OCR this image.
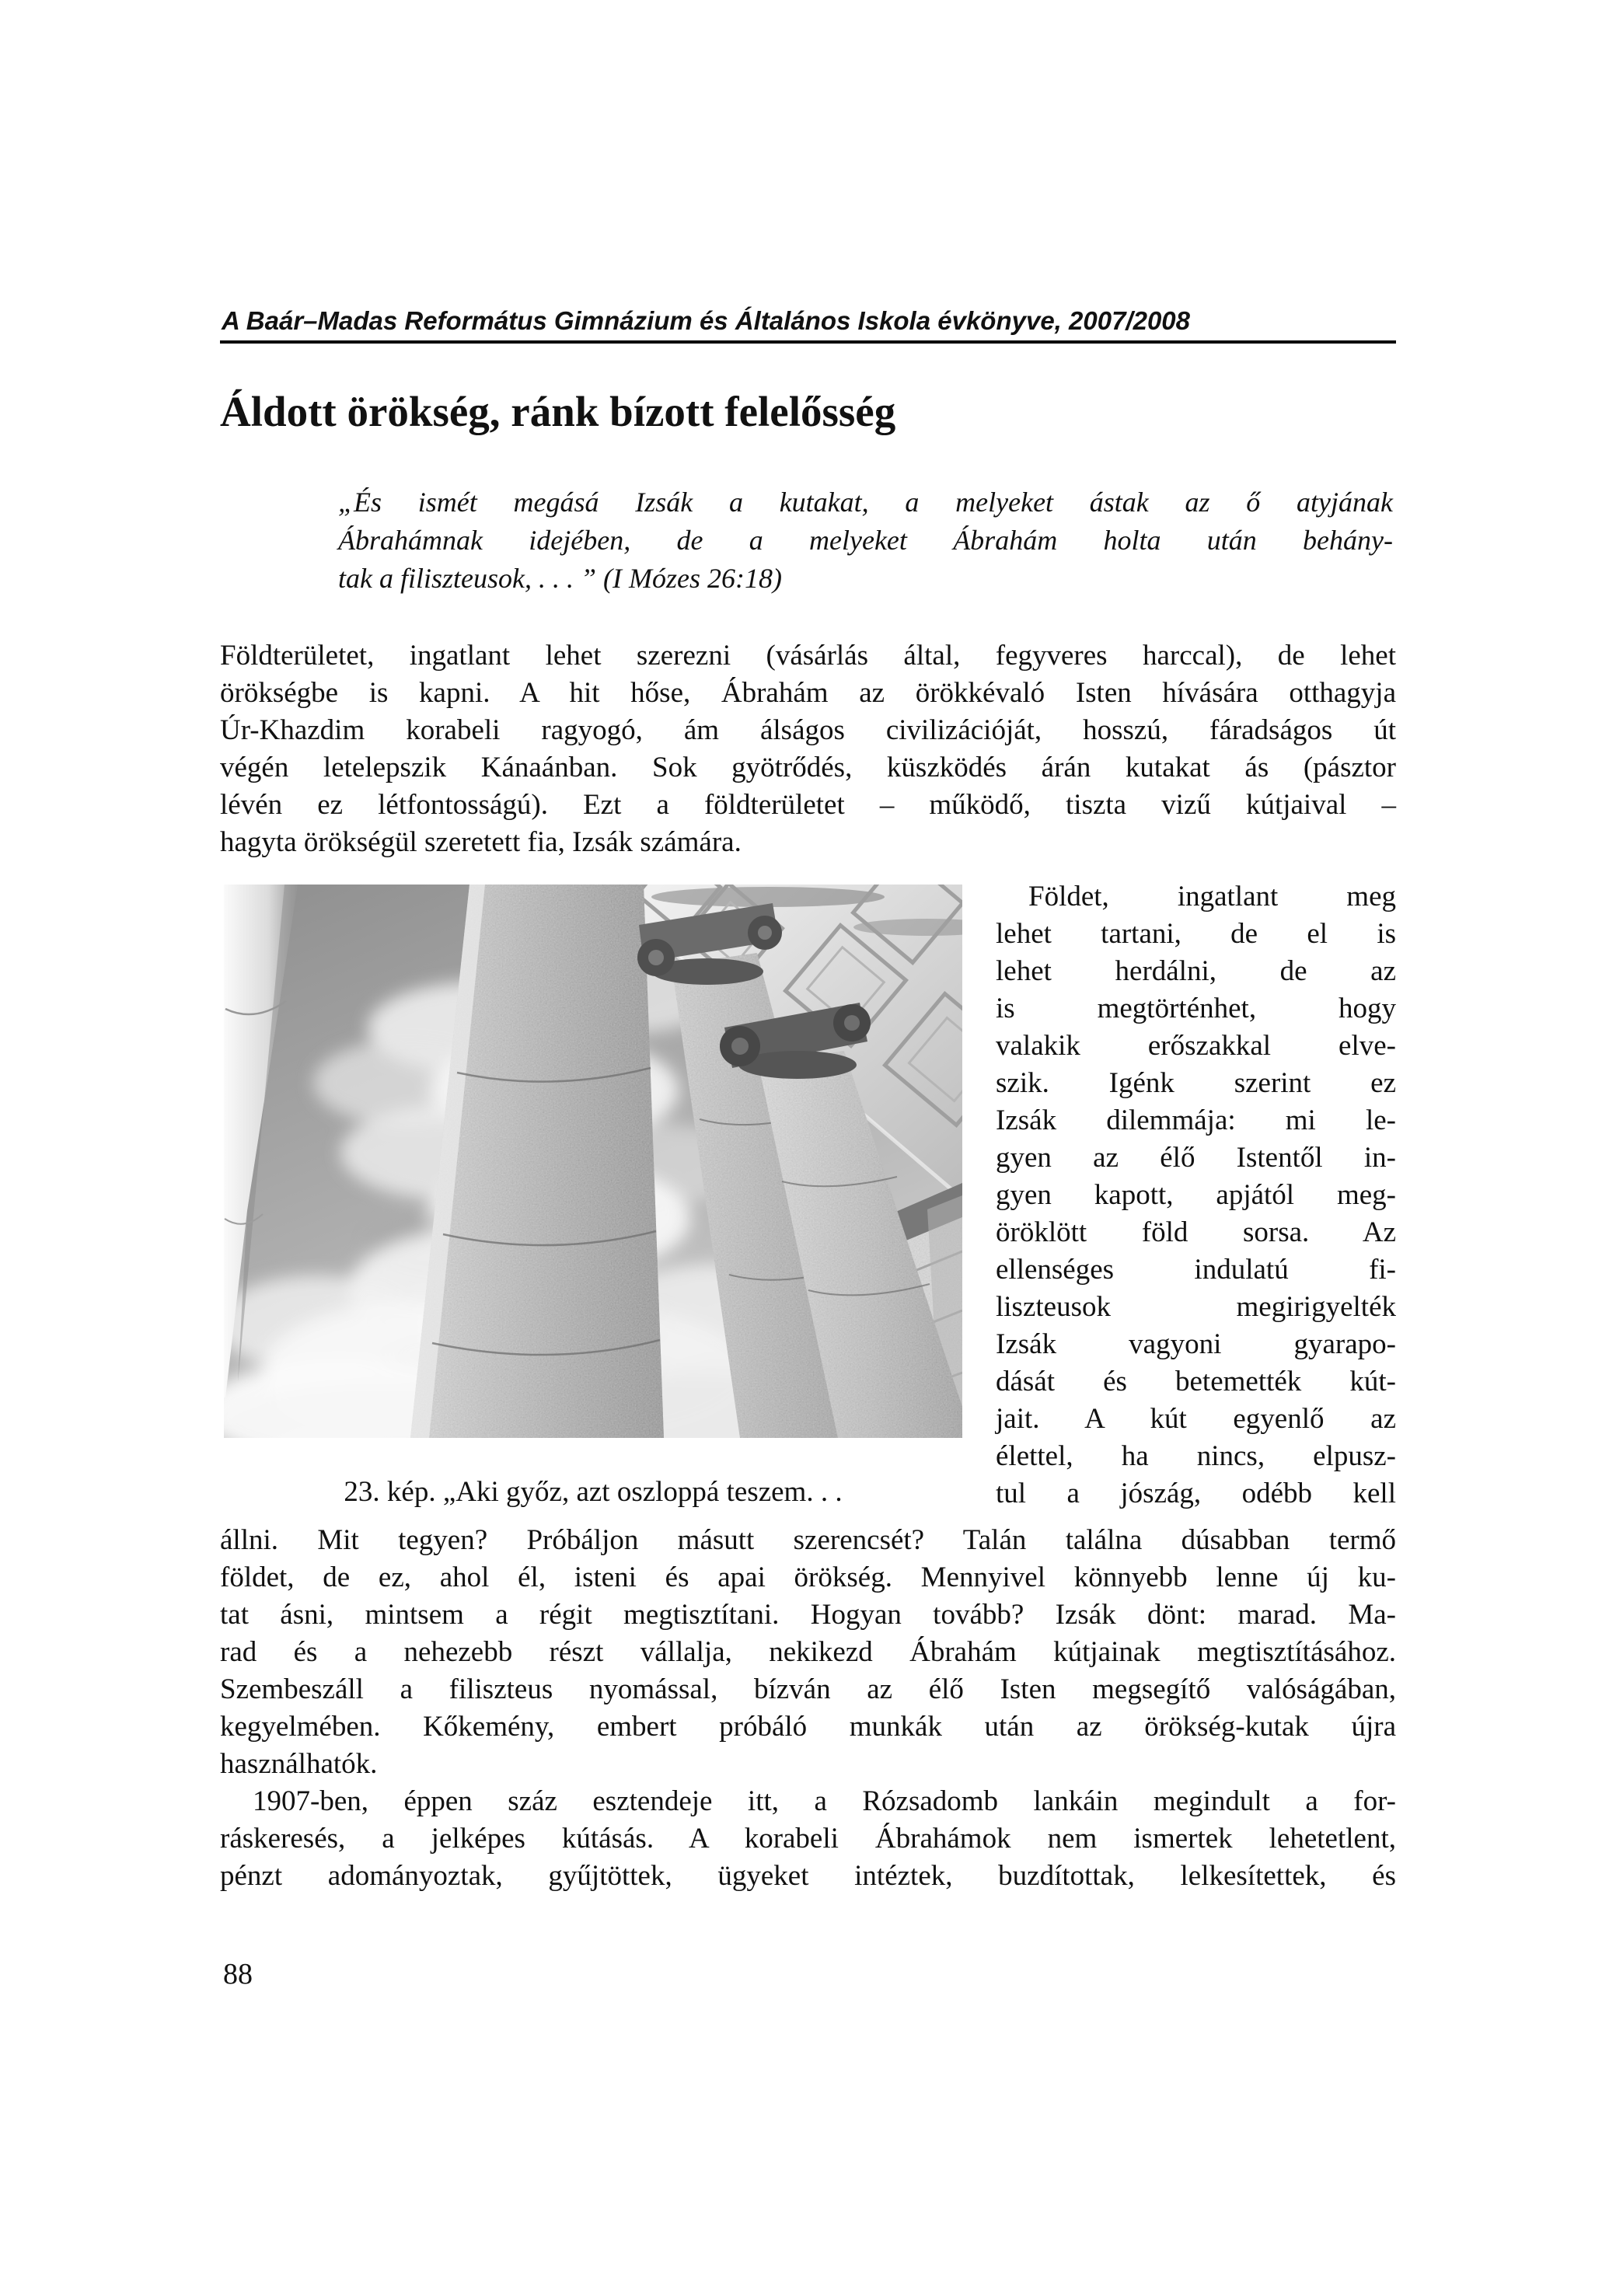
A Baár–Madas Református Gimnázium és Általános Iskola évkönyve, 2007/2008
Áldott örökség, ránk bízott felelősség
„És ismét megásá Izsák a kutakat, a melyeket ástak az ő atyjának
Ábrahámnak idejében, de a melyeket Ábrahám holta után behány-
tak a filiszteusok, . . . ” (I Mózes 26:18)
Földterületet, ingatlant lehet szerezni (vásárlás által, fegyveres harccal), de lehet
örökségbe is kapni. A hit hőse, Ábrahám az örökkévaló Isten hívására otthagyja
Úr-Khazdim korabeli ragyogó, ám álságos civilizációját, hosszú, fáradságos út
végén letelepszik Kánaánban. Sok gyötrődés, küszködés árán kutakat ás (pásztor
lévén ez létfontosságú). Ezt a földterületet – működő, tiszta vizű kútjaival –
hagyta örökségül szeretett fia, Izsák számára.
Földet, ingatlant meg
lehet tartani, de el is
lehet herdálni, de az
is megtörténhet, hogy
valakik erőszakkal elve-
szik. Igénk szerint ez
Izsák dilemmája: mi le-
gyen az élő Istentől in-
gyen kapott, apjától meg-
öröklött föld sorsa. Az
ellenséges indulatú fi-
liszteusok megirigyelték
Izsák vagyoni gyarapo-
dását és betemették kút-
jait. A kút egyenlő az
élettel, ha nincs, elpusz-
tul a jószág, odébb kell
23. kép. „Aki győz, azt oszloppá teszem. . .
állni. Mit tegyen? Próbáljon másutt szerencsét? Talán találna dúsabban termő
földet, de ez, ahol él, isteni és apai örökség. Mennyivel könnyebb lenne új ku-
tat ásni, mintsem a régit megtisztítani. Hogyan tovább? Izsák dönt: marad. Ma-
rad és a nehezebb részt vállalja, nekikezd Ábrahám kútjainak megtisztításához.
Szembeszáll a filiszteus nyomással, bízván az élő Isten megsegítő valóságában,
kegyelmében. Kőkemény, embert próbáló munkák után az örökség-kutak újra
használhatók.
1907-ben, éppen száz esztendeje itt, a Rózsadomb lankáin megindult a for-
ráskeresés, a jelképes kútásás. A korabeli Ábrahámok nem ismertek lehetetlent,
pénzt adományoztak, gyűjtöttek, ügyeket intéztek, buzdítottak, lelkesítettek, és
88
